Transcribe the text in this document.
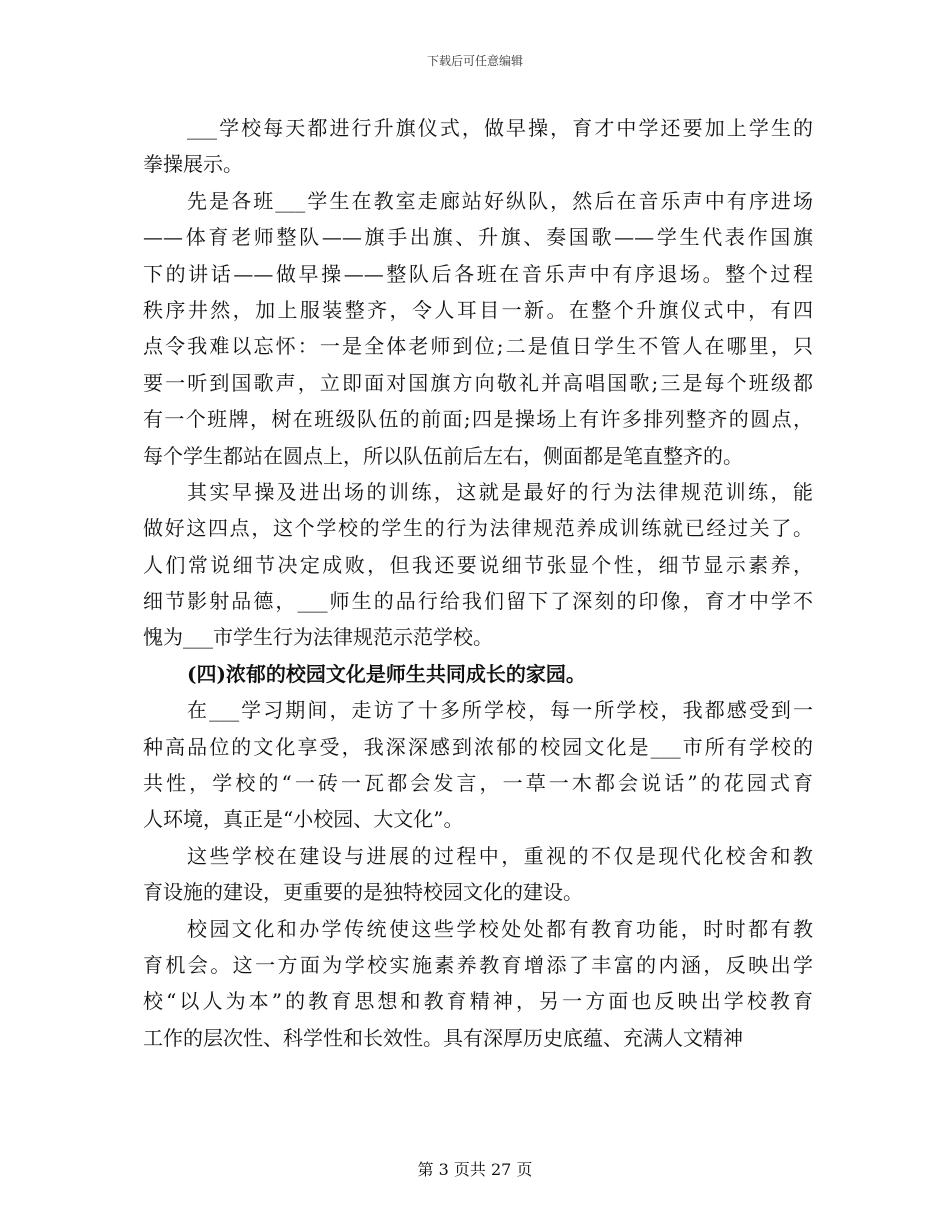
下载后可任意编辑
___学校每天都进行升旗仪式，做早操，育才中学还要加上学生的
拳操展示。
先是各班___学生在教室走廊站好纵队，然后在音乐声中有序进场
——体育老师整队——旗手出旗、升旗、奏国歌——学生代表作国旗
下的讲话——做早操——整队后各班在音乐声中有序退场。整个过程
秩序井然，加上服装整齐，令人耳目一新。在整个升旗仪式中，有四
点令我难以忘怀：一是全体老师到位;二是值日学生不管人在哪里，只
要一听到国歌声，立即面对国旗方向敬礼并高唱国歌;三是每个班级都
有一个班牌，树在班级队伍的前面;四是操场上有许多排列整齐的圆点，
每个学生都站在圆点上，所以队伍前后左右，侧面都是笔直整齐的。
其实早操及进出场的训练，这就是最好的行为法律规范训练，能
做好这四点，这个学校的学生的行为法律规范养成训练就已经过关了。
人们常说细节决定成败，但我还要说细节张显个性，细节显示素养，
细节影射品德，___师生的品行给我们留下了深刻的印像，育才中学不
愧为___市学生行为法律规范示范学校。
(四)浓郁的校园文化是师生共同成长的家园。
在___学习期间，走访了十多所学校，每一所学校，我都感受到一
种高品位的文化享受，我深深感到浓郁的校园文化是___市所有学校的
共性，学校的“一砖一瓦都会发言，一草一木都会说话”的花园式育
人环境，真正是“小校园、大文化”。
这些学校在建设与进展的过程中，重视的不仅是现代化校舍和教
育设施的建设，更重要的是独特校园文化的建设。
校园文化和办学传统使这些学校处处都有教育功能，时时都有教
育机会。这一方面为学校实施素养教育增添了丰富的内涵，反映出学
校“以人为本”的教育思想和教育精神，另一方面也反映出学校教育
工作的层次性、科学性和长效性。具有深厚历史底蕴、充满人文精神
第 3 页共 27 页
